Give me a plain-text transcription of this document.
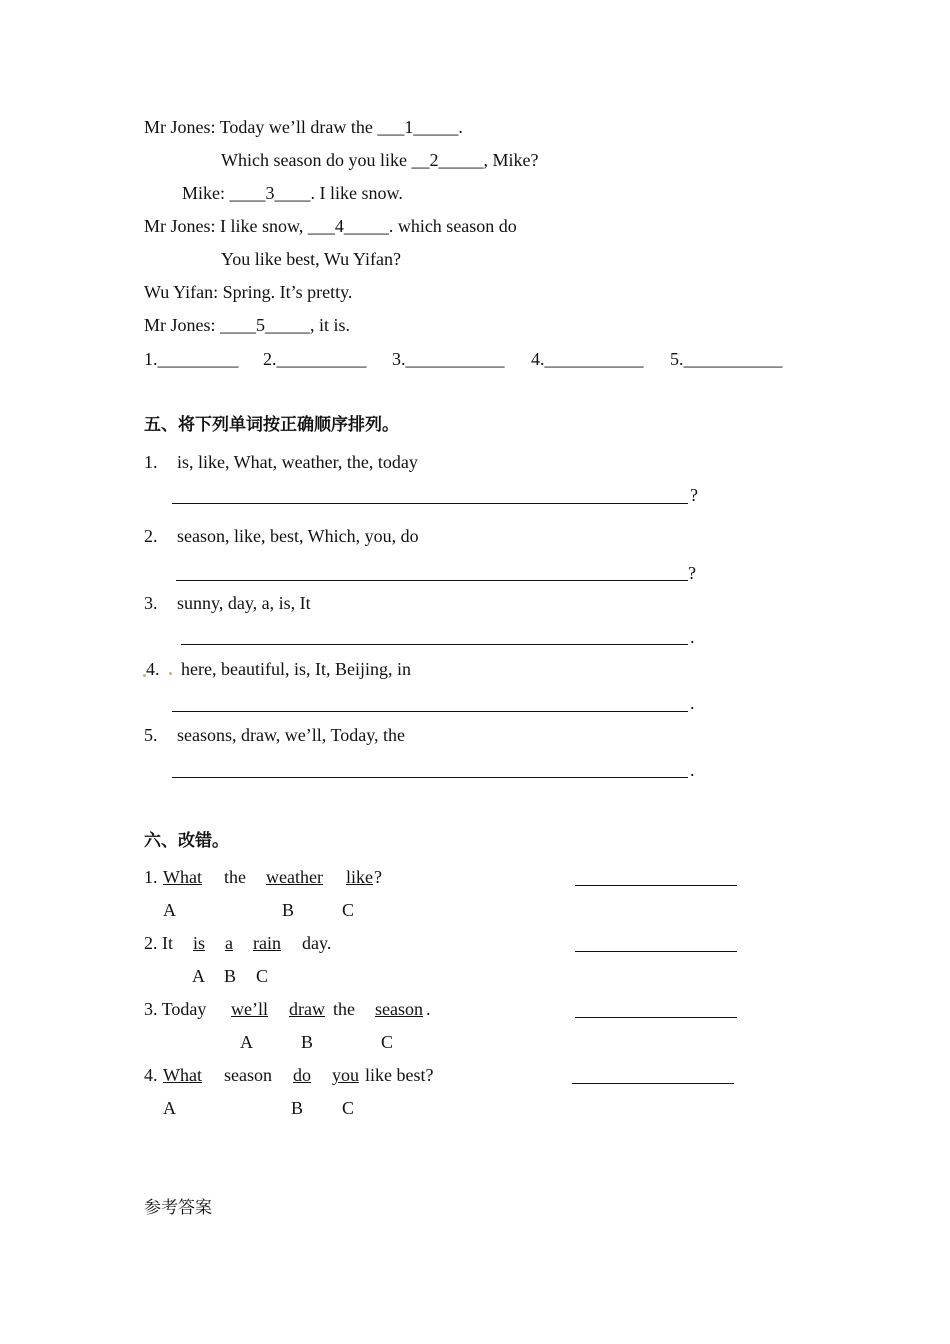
Mr Jones: Today we’ll draw the ___1_____.
Which season do you like __2_____, Mike?
Mike: ____3____. I like snow.
Mr Jones: I like snow, ___4_____. which season do
You like best, Wu Yifan?
Wu Yifan: Spring. It’s pretty.
Mr Jones: ____5_____, it is.
1._________ 2.__________ 3.___________ 4.___________ 5.___________
五、将下列单词按正确顺序排列。
1. is, like, What, weather, the, today
?
2. season, like, best, Which, you, do
?
3. sunny, day, a, is, It
.
4. here, beautiful, is, It, Beijing, in
.
5. seasons, draw, we’ll, Today, the
.
六、改错。
1. What the weather like ?
A	B	C
2. It is a rain day.
A B C
3. Today we’ll draw the season .
A	B	C
4. What season do you like best?
A	B C
参考答案
